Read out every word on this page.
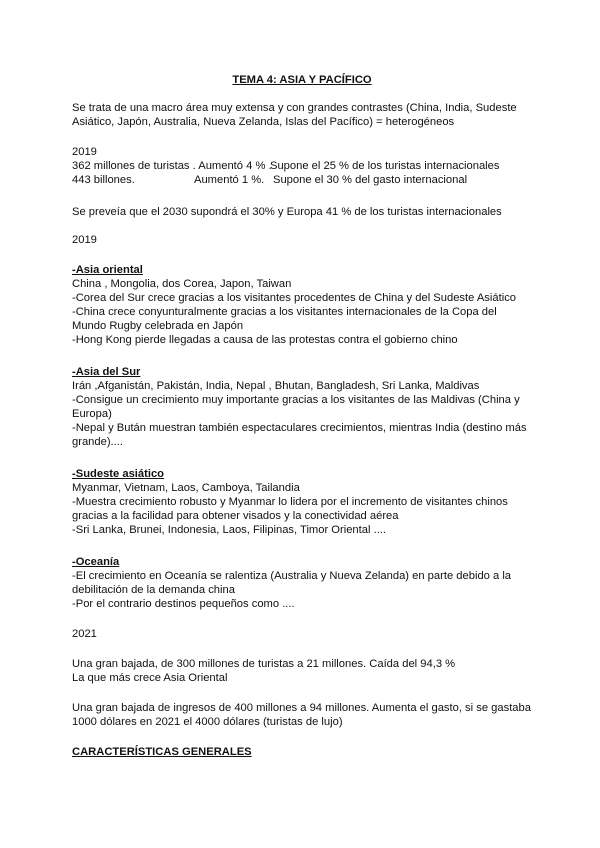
TEMA 4: ASIA Y PACÍFICO
Se trata de una macro área muy extensa y con grandes contrastes (China, India, Sudeste Asiático, Japón, Australia, Nueva Zelanda, Islas del Pacífico) = heterogéneos
2019
362 millones de turistas . Aumentó 4 % .
Supone el 25 % de los turistas internacionales
443 billones.	Aumentó 1 %. Supone el 30 % del gasto internacional
Se preveía que el 2030 supondrá el 30% y Europa 41 % de los turistas internacionales
2019
-Asia oriental
China , Mongolia, dos Corea, Japon, Taiwan
-Corea del Sur crece gracias a los visitantes procedentes de China y del Sudeste Asiático
-China crece conyunturalmente gracias a los visitantes internacionales de la Copa del Mundo Rugby celebrada en Japón
-Hong Kong pierde llegadas a causa de las protestas contra el gobierno chino
-Asia del Sur
Irán ,Afganistán, Pakistán, India, Nepal , Bhutan, Bangladesh, Sri Lanka, Maldivas
-Consigue un crecimiento muy importante gracias a los visitantes de las Maldivas (China y Europa)
-Nepal y Bután muestran también espectaculares crecimientos, mientras India (destino más grande)....
-Sudeste asiático
Myanmar, Vietnam, Laos, Camboya, Tailandia
-Muestra crecimiento robusto y Myanmar lo lidera por el incremento de visitantes chinos gracias a la facilidad para obtener visados y la conectividad aérea
-Sri Lanka, Brunei, Indonesia, Laos, Filipinas, Timor Oriental ....
-Oceanía
-El crecimiento en Oceanía se ralentiza (Australia y Nueva Zelanda) en parte debido a la debilitación de la demanda china
-Por el contrario destinos pequeños como ....
2021
Una gran bajada, de 300 millones de turistas a 21 millones. Caída del 94,3 %
La que más crece Asia Oriental
Una gran bajada de ingresos de 400 millones a 94 millones. Aumenta el gasto, si se gastaba 1000 dólares en 2021 el 4000 dólares (turistas de lujo)
CARACTERÍSTICAS GENERALES
